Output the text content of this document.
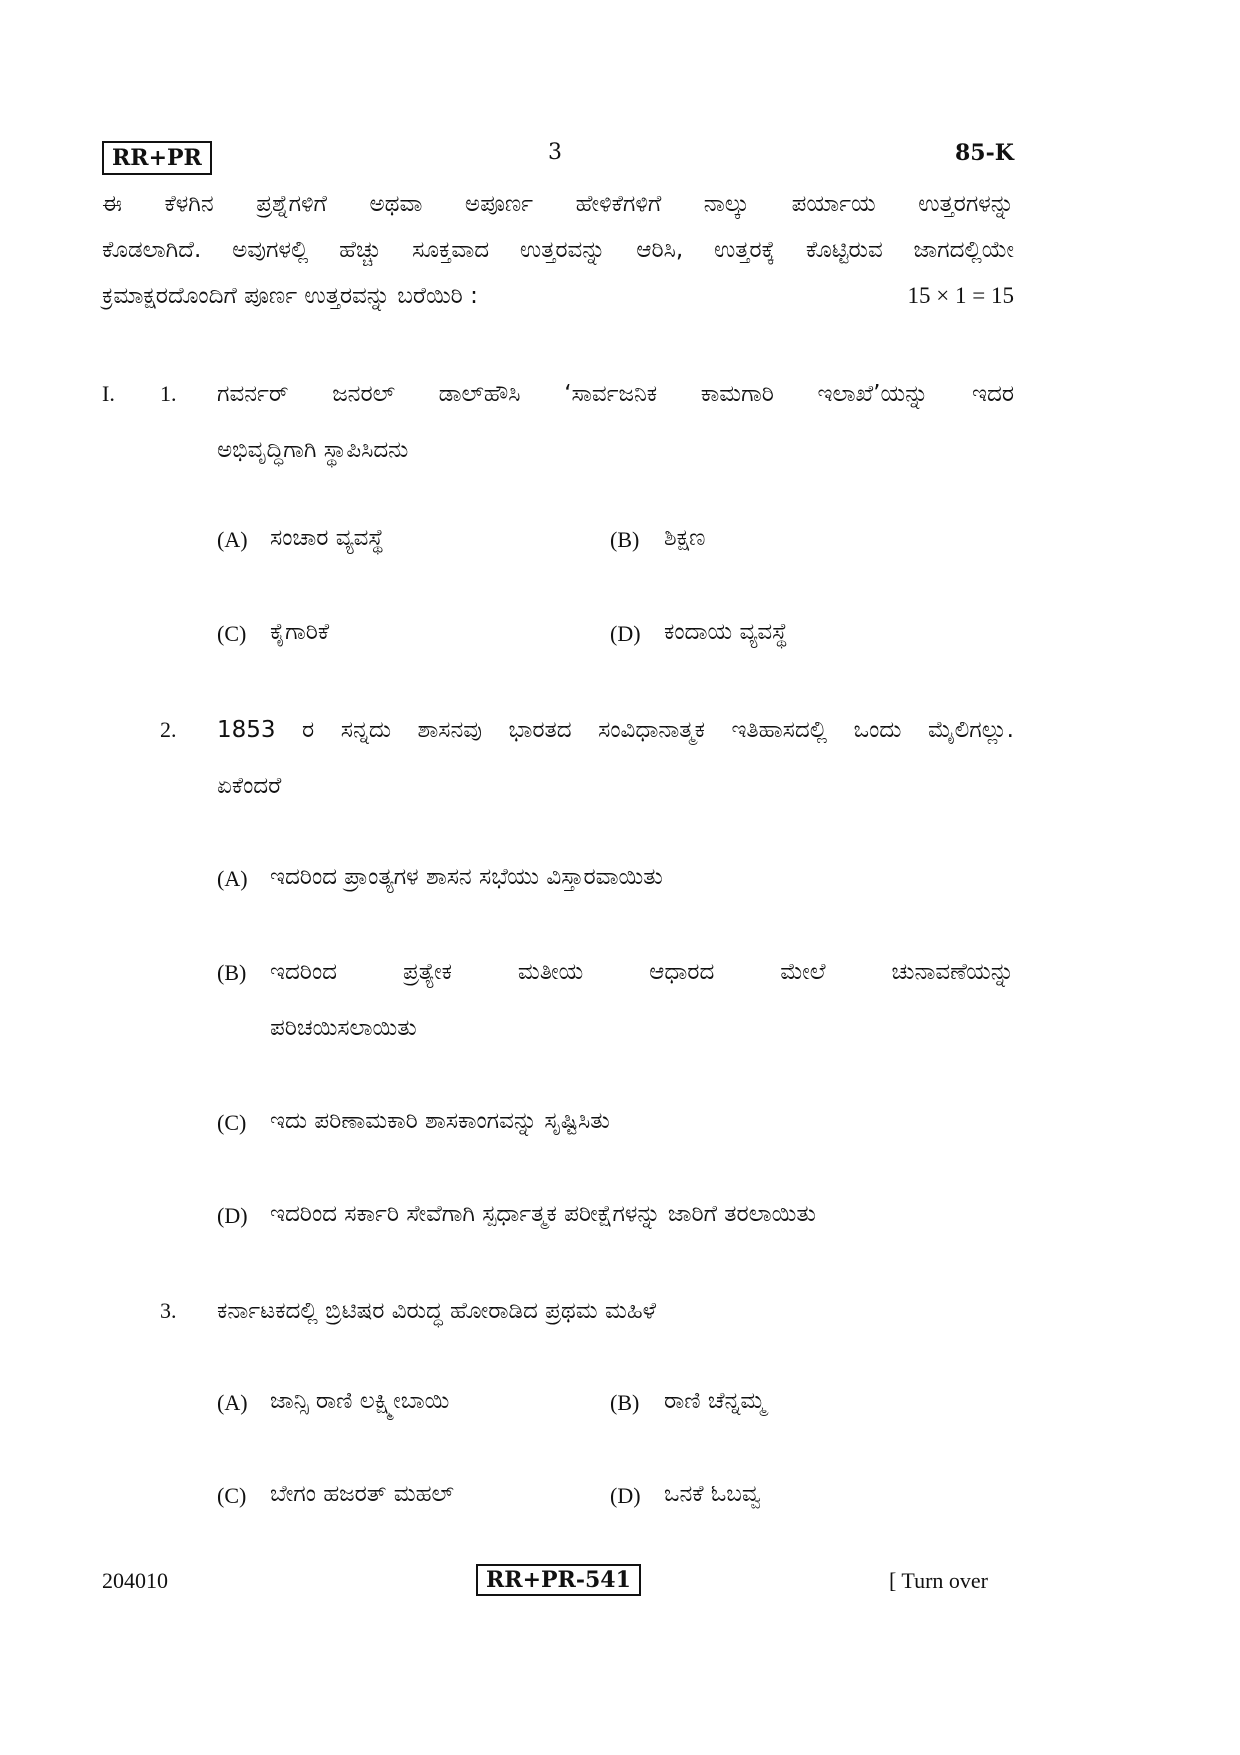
RR+PR	3	85-K
ಈ ಕೆಳಗಿನ ಪ್ರಶ್ನೆಗಳಿಗೆ ಅಥವಾ ಅಪೂರ್ಣ ಹೇಳಿಕೆಗಳಿಗೆ ನಾಲ್ಕು ಪರ್ಯಾಯ ಉತ್ತರಗಳನ್ನು
ಕೊಡಲಾಗಿದೆ. ಅವುಗಳಲ್ಲಿ ಹೆಚ್ಚು ಸೂಕ್ತವಾದ ಉತ್ತರವನ್ನು ಆರಿಸಿ, ಉತ್ತರಕ್ಕೆ ಕೊಟ್ಟಿರುವ ಜಾಗದಲ್ಲಿಯೇ
ಕ್ರಮಾಕ್ಷರದೊಂದಿಗೆ ಪೂರ್ಣ ಉತ್ತರವನ್ನು ಬರೆಯಿರಿ :	15 × 1 = 15
I. 1. ಗವರ್ನರ್ ಜನರಲ್ ಡಾಲ್‌ಹೌಸಿ ‘ಸಾರ್ವಜನಿಕ ಕಾಮಗಾರಿ ಇಲಾಖೆ’ಯನ್ನು ಇದರ
ಅಭಿವೃದ್ಧಿಗಾಗಿ ಸ್ಥಾಪಿಸಿದನು
(A) ಸಂಚಾರ ವ್ಯವಸ್ಥೆ	(B) ಶಿಕ್ಷಣ
(C) ಕೈಗಾರಿಕೆ	(D) ಕಂದಾಯ ವ್ಯವಸ್ಥೆ
2. 1853 ರ ಸನ್ನದು ಶಾಸನವು ಭಾರತದ ಸಂವಿಧಾನಾತ್ಮಕ ಇತಿಹಾಸದಲ್ಲಿ ಒಂದು ಮೈಲಿಗಲ್ಲು.
ಏಕೆಂದರೆ
(A) ಇದರಿಂದ ಪ್ರಾಂತ್ಯಗಳ ಶಾಸನ ಸಭೆಯು ವಿಸ್ತಾರವಾಯಿತು
(B) ಇದರಿಂದ ಪ್ರತ್ಯೇಕ ಮತೀಯ ಆಧಾರದ ಮೇಲೆ ಚುನಾವಣೆಯನ್ನು
ಪರಿಚಯಿಸಲಾಯಿತು
(C) ಇದು ಪರಿಣಾಮಕಾರಿ ಶಾಸಕಾಂಗವನ್ನು ಸೃಷ್ಟಿಸಿತು
(D) ಇದರಿಂದ ಸರ್ಕಾರಿ ಸೇವೆಗಾಗಿ ಸ್ಪರ್ಧಾತ್ಮಕ ಪರೀಕ್ಷೆಗಳನ್ನು ಜಾರಿಗೆ ತರಲಾಯಿತು
3. ಕರ್ನಾಟಕದಲ್ಲಿ ಬ್ರಿಟಿಷರ ವಿರುದ್ಧ ಹೋರಾಡಿದ ಪ್ರಥಮ ಮಹಿಳೆ
(A) ಜಾನ್ಸಿ ರಾಣಿ ಲಕ್ಷ್ಮೀಬಾಯಿ	(B) ರಾಣಿ ಚೆನ್ನಮ್ಮ
(C) ಬೇಗಂ ಹಜರತ್ ಮಹಲ್	(D) ಒನಕೆ ಓಬವ್ವ
204010	RR+PR-541	[ Turn over
